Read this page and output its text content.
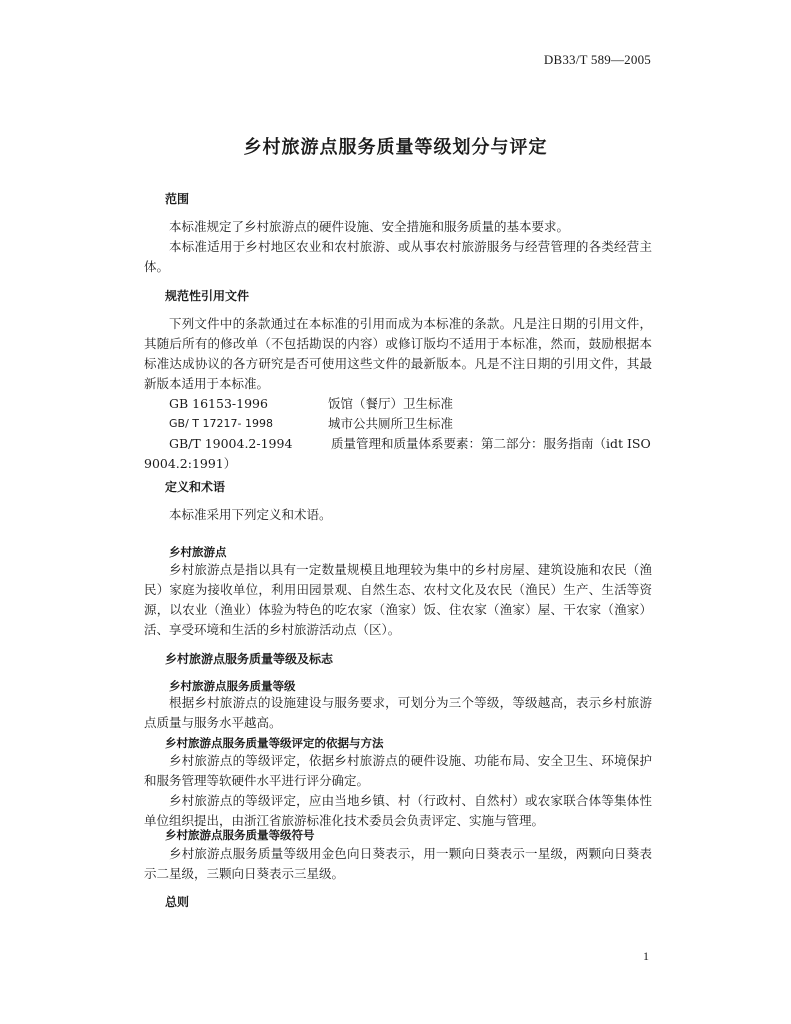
DB33/T 589—2005
乡村旅游点服务质量等级划分与评定
范围

本标准规定了乡村旅游点的硬件设施、安全措施和服务质量的基本要求。

本标准适用于乡村地区农业和农村旅游、或从事农村旅游服务与经营管理的各类经营主体。

规范性引用文件

下列文件中的条款通过在本标准的引用而成为本标准的条款。凡是注日期的引用文件，其随后所有的修改单（不包括勘误的内容）或修订版均不适用于本标准，然而，鼓励根据本标准达成协议的各方研究是否可使用这些文件的最新版本。凡是不注日期的引用文件，其最新版本适用于本标准。

GB 16153-1996	饭馆（餐厅）卫生标准
GB/ T 17217- 1998	城市公共厕所卫生标准
GB/T 19004.2-1994	质量管理和质量体系要素：第二部分：服务指南（idt ISO
9004.2:1991）
定义和术语

本标准采用下列定义和术语。

乡村旅游点

乡村旅游点是指以具有一定数量规模且地理较为集中的乡村房屋、建筑设施和农民（渔民）家庭为接收单位，利用田园景观、自然生态、农村文化及农民（渔民）生产、生活等资源，以农业（渔业）体验为特色的吃农家（渔家）饭、住农家（渔家）屋、干农家（渔家）活、享受环境和生活的乡村旅游活动点（区）。

乡村旅游点服务质量等级及标志
乡村旅游点服务质量等级

根据乡村旅游点的设施建设与服务要求，可划分为三个等级，等级越高，表示乡村旅游点质量与服务水平越高。

乡村旅游点服务质量等级评定的依据与方法

乡村旅游点的等级评定，依据乡村旅游点的硬件设施、功能布局、安全卫生、环境保护和服务管理等软硬件水平进行评分确定。

乡村旅游点的等级评定，应由当地乡镇、村（行政村、自然村）或农家联合体等集体性单位组织提出，由浙江省旅游标准化技术委员会负责评定、实施与管理。

乡村旅游点服务质量等级符号

乡村旅游点服务质量等级用金色向日葵表示，用一颗向日葵表示一星级，两颗向日葵表示二星级，三颗向日葵表示三星级。

总则
1
